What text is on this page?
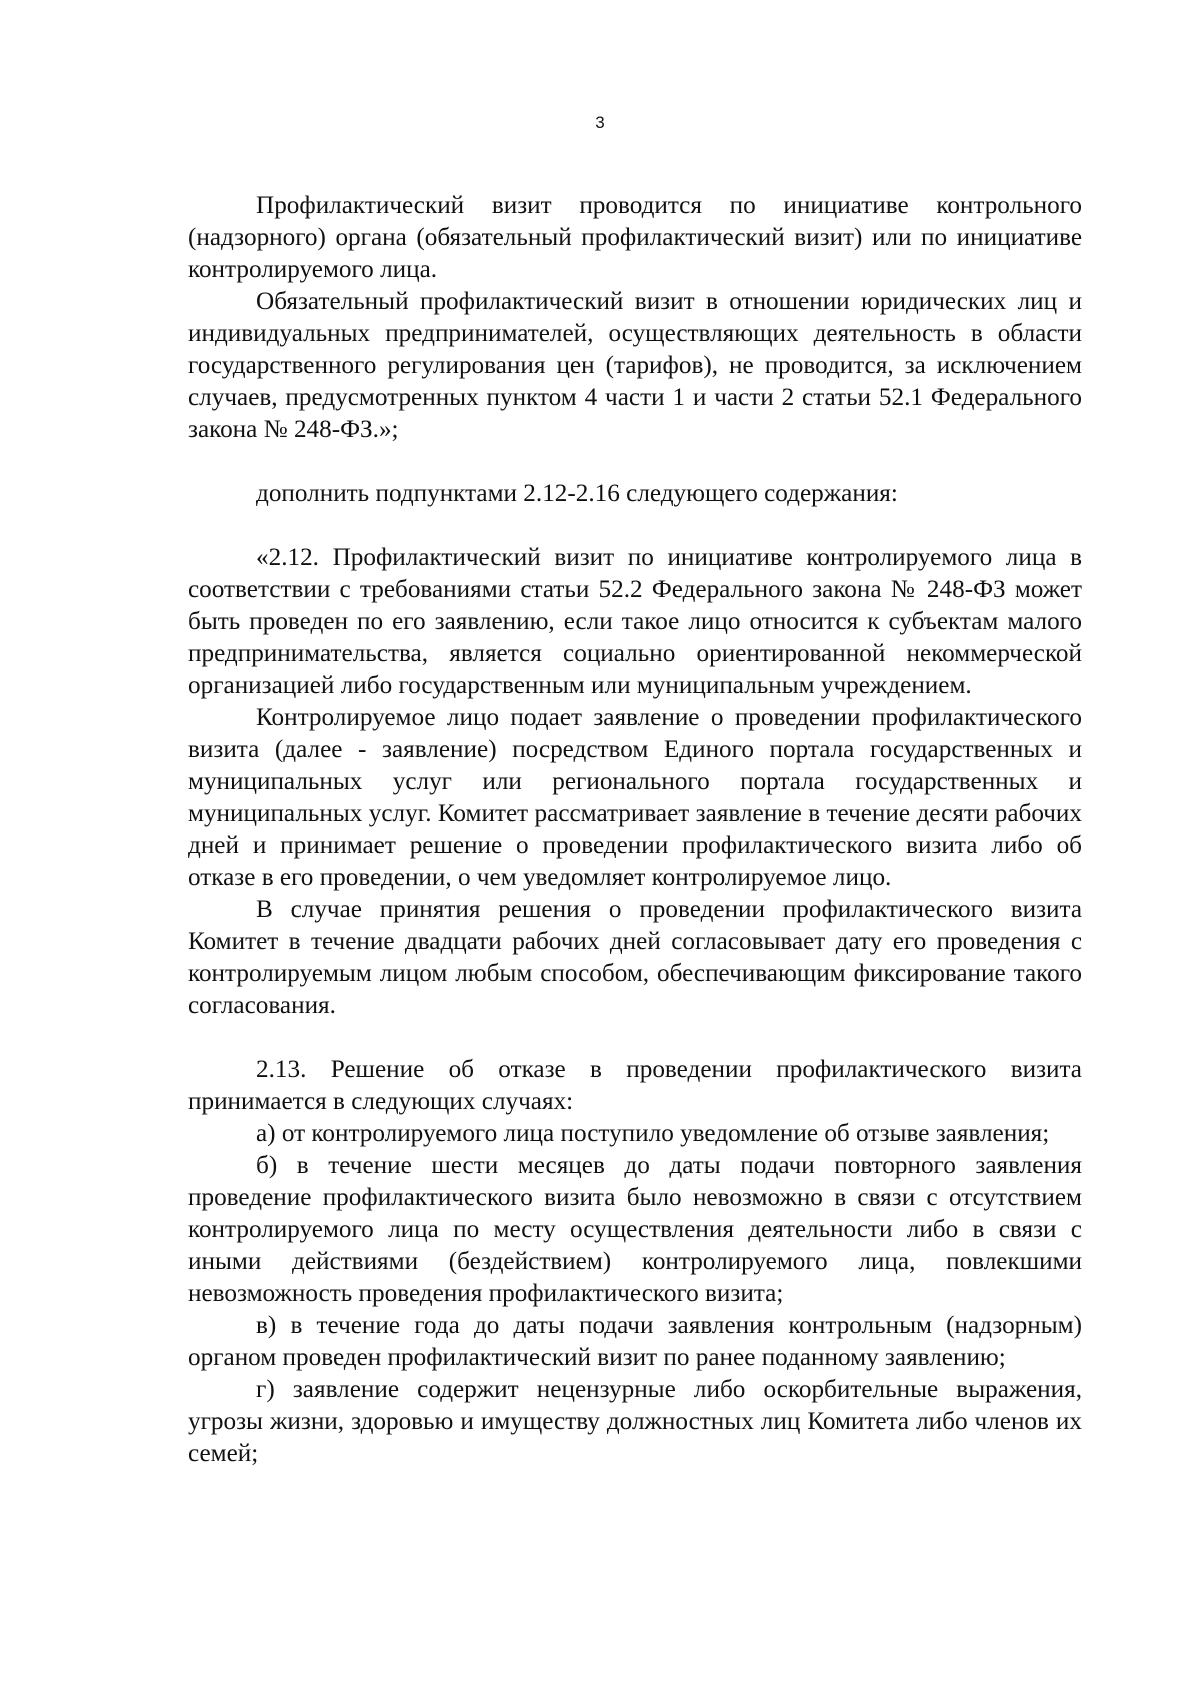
3

Профилактический визит проводится по инициативе контрольного (надзорного) органа (обязательный профилактический визит) или по инициативе контролируемого лица.

Обязательный профилактический визит в отношении юридических лиц и индивидуальных предпринимателей, осуществляющих деятельность в области государственного регулирования цен (тарифов), не проводится, за исключением случаев, предусмотренных пунктом 4 части 1 и части 2 статьи 52.1 Федерального закона № 248-ФЗ.»;

дополнить подпунктами 2.12-2.16 следующего содержания:

«2.12. Профилактический визит по инициативе контролируемого лица в соответствии с требованиями статьи 52.2 Федерального закона № 248-ФЗ может быть проведен по его заявлению, если такое лицо относится к субъектам малого предпринимательства, является социально ориентированной некоммерческой организацией либо государственным или муниципальным учреждением.

Контролируемое лицо подает заявление о проведении профилактического визита (далее - заявление) посредством Единого портала государственных и муниципальных услуг или регионального портала государственных и муниципальных услуг. Комитет рассматривает заявление в течение десяти рабочих дней и принимает решение о проведении профилактического визита либо об отказе в его проведении, о чем уведомляет контролируемое лицо.

В случае принятия решения о проведении профилактического визита Комитет в течение двадцати рабочих дней согласовывает дату его проведения с контролируемым лицом любым способом, обеспечивающим фиксирование такого согласования.

2.13. Решение об отказе в проведении профилактического визита принимается в следующих случаях:

а) от контролируемого лица поступило уведомление об отзыве заявления;

б) в течение шести месяцев до даты подачи повторного заявления проведение профилактического визита было невозможно в связи с отсутствием контролируемого лица по месту осуществления деятельности либо в связи с иными действиями (бездействием) контролируемого лица, повлекшими невозможность проведения профилактического визита;

в) в течение года до даты подачи заявления контрольным (надзорным) органом проведен профилактический визит по ранее поданному заявлению;

г) заявление содержит нецензурные либо оскорбительные выражения, угрозы жизни, здоровью и имуществу должностных лиц Комитета либо членов их семей;
